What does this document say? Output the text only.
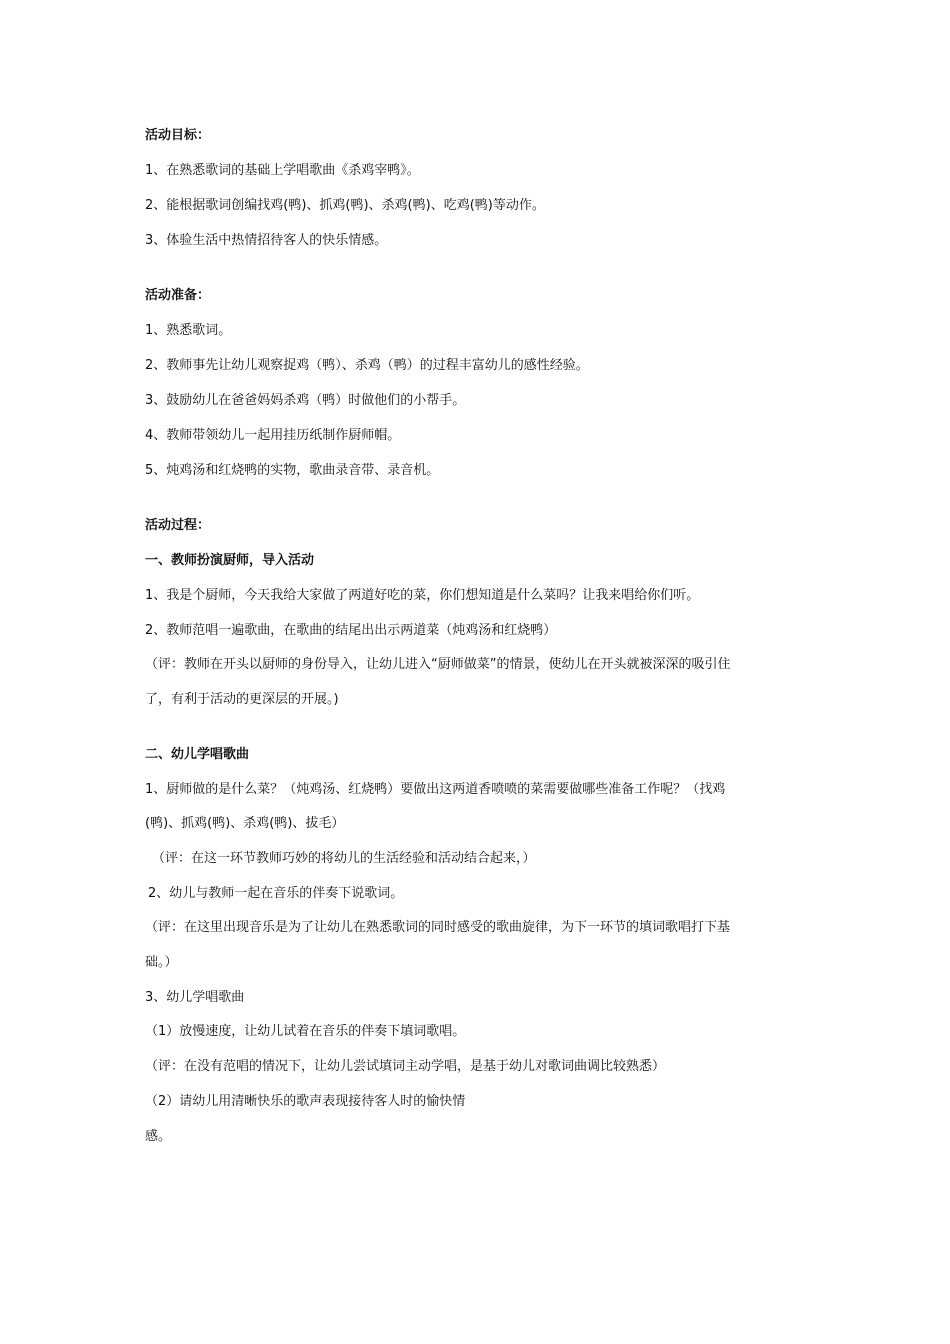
活动目标：
1、在熟悉歌词的基础上学唱歌曲《杀鸡宰鸭》。
2、能根据歌词创编找鸡(鸭)、抓鸡(鸭)、杀鸡(鸭)、吃鸡(鸭)等动作。
3、体验生活中热情招待客人的快乐情感。
活动准备：
1、熟悉歌词。
2、教师事先让幼儿观察捉鸡（鸭）、杀鸡（鸭）的过程丰富幼儿的感性经验。
3、鼓励幼儿在爸爸妈妈杀鸡（鸭）时做他们的小帮手。
4、教师带领幼儿一起用挂历纸制作厨师帽。
5、炖鸡汤和红烧鸭的实物，歌曲录音带、录音机。
活动过程：
一、教师扮演厨师，导入活动
1、我是个厨师，今天我给大家做了两道好吃的菜，你们想知道是什么菜吗？让我来唱给你们听。
2、教师范唱一遍歌曲，在歌曲的结尾出出示两道菜（炖鸡汤和红烧鸭）
（评：教师在开头以厨师的身份导入，让幼儿进入“厨师做菜”的情景，使幼儿在开头就被深深的吸引住
了，有利于活动的更深层的开展。)
二、幼儿学唱歌曲
1、厨师做的是什么菜？（炖鸡汤、红烧鸭）要做出这两道香喷喷的菜需要做哪些准备工作呢？（找鸡
(鸭)、抓鸡(鸭)、杀鸡(鸭)、拔毛）
（评：在这一环节教师巧妙的将幼儿的生活经验和活动结合起来，）
2、幼儿与教师一起在音乐的伴奏下说歌词。
（评：在这里出现音乐是为了让幼儿在熟悉歌词的同时感受的歌曲旋律，为下一环节的填词歌唱打下基
础。）
3、幼儿学唱歌曲
（1）放慢速度，让幼儿试着在音乐的伴奏下填词歌唱。
（评：在没有范唱的情况下，让幼儿尝试填词主动学唱，是基于幼儿对歌词曲调比较熟悉）
（2）请幼儿用清晰快乐的歌声表现接待客人时的愉快情
感。
